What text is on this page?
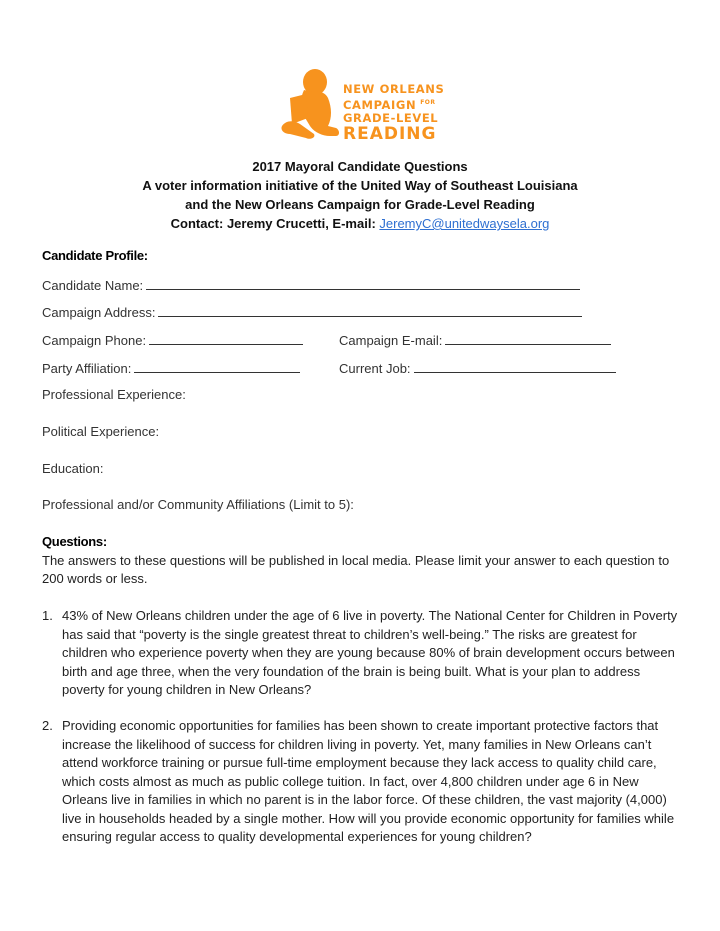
NEW ORLEANS
CAMPAIGN $^{FOR}$
GRADE-LEVEL
READING
2017 Mayoral Candidate Questions
A voter information initiative of the United Way of Southeast Louisiana
and the New Orleans Campaign for Grade-Level Reading
Contact: Jeremy Crucetti, E-mail: JeremyC@unitedwaysela.org
Candidate Profile:
Candidate Name:
Campaign Address:
Campaign Phone:	Campaign E-mail:
Party Affiliation:	Current Job:
Professional Experience:
Political Experience:
Education:
Professional and/or Community Affiliations (Limit to 5):
Questions:
The answers to these questions will be published in local media. Please limit your answer to each question to 200 words or less.
1. 43% of New Orleans children under the age of 6 live in poverty. The National Center for Children in Poverty has said that “poverty is the single greatest threat to children’s well-being.” The risks are greatest for children who experience poverty when they are young because 80% of brain development occurs between birth and age three, when the very foundation of the brain is being built. What is your plan to address poverty for young children in New Orleans?
2. Providing economic opportunities for families has been shown to create important protective factors that increase the likelihood of success for children living in poverty. Yet, many families in New Orleans can’t attend workforce training or pursue full-time employment because they lack access to quality child care, which costs almost as much as public college tuition. In fact, over 4,800 children under age 6 in New Orleans live in families in which no parent is in the labor force. Of these children, the vast majority (4,000) live in households headed by a single mother. How will you provide economic opportunity for families while ensuring regular access to quality developmental experiences for young children?
